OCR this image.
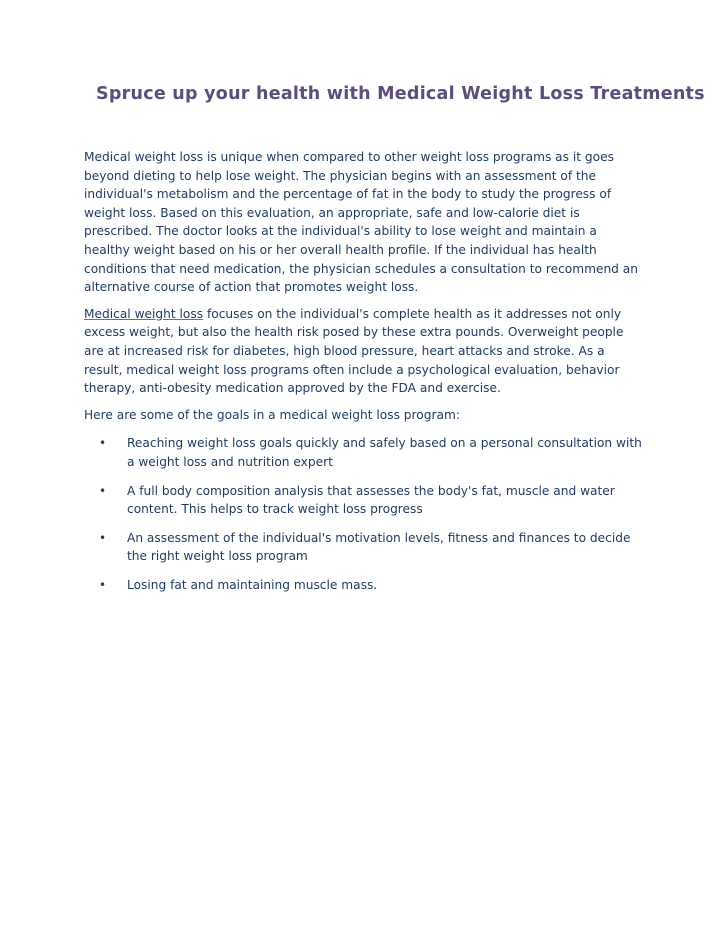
Spruce up your health with Medical Weight Loss Treatments

Medical weight loss is unique when compared to other weight loss programs as it goes beyond dieting to help lose weight. The physician begins with an assessment of the individual's metabolism and the percentage of fat in the body to study the progress of weight loss. Based on this evaluation, an appropriate, safe and low-calorie diet is prescribed. The doctor looks at the individual's ability to lose weight and maintain a healthy weight based on his or her overall health profile. If the individual has health conditions that need medication, the physician schedules a consultation to recommend an alternative course of action that promotes weight loss.

Medical weight loss focuses on the individual's complete health as it addresses not only excess weight, but also the health risk posed by these extra pounds. Overweight people are at increased risk for diabetes, high blood pressure, heart attacks and stroke. As a result, medical weight loss programs often include a psychological evaluation, behavior therapy, anti-obesity medication approved by the FDA and exercise.

Here are some of the goals in a medical weight loss program:

• Reaching weight loss goals quickly and safely based on a personal consultation with a weight loss and nutrition expert
• A full body composition analysis that assesses the body's fat, muscle and water content. This helps to track weight loss progress
• An assessment of the individual's motivation levels, fitness and finances to decide the right weight loss program
• Losing fat and maintaining muscle mass.
